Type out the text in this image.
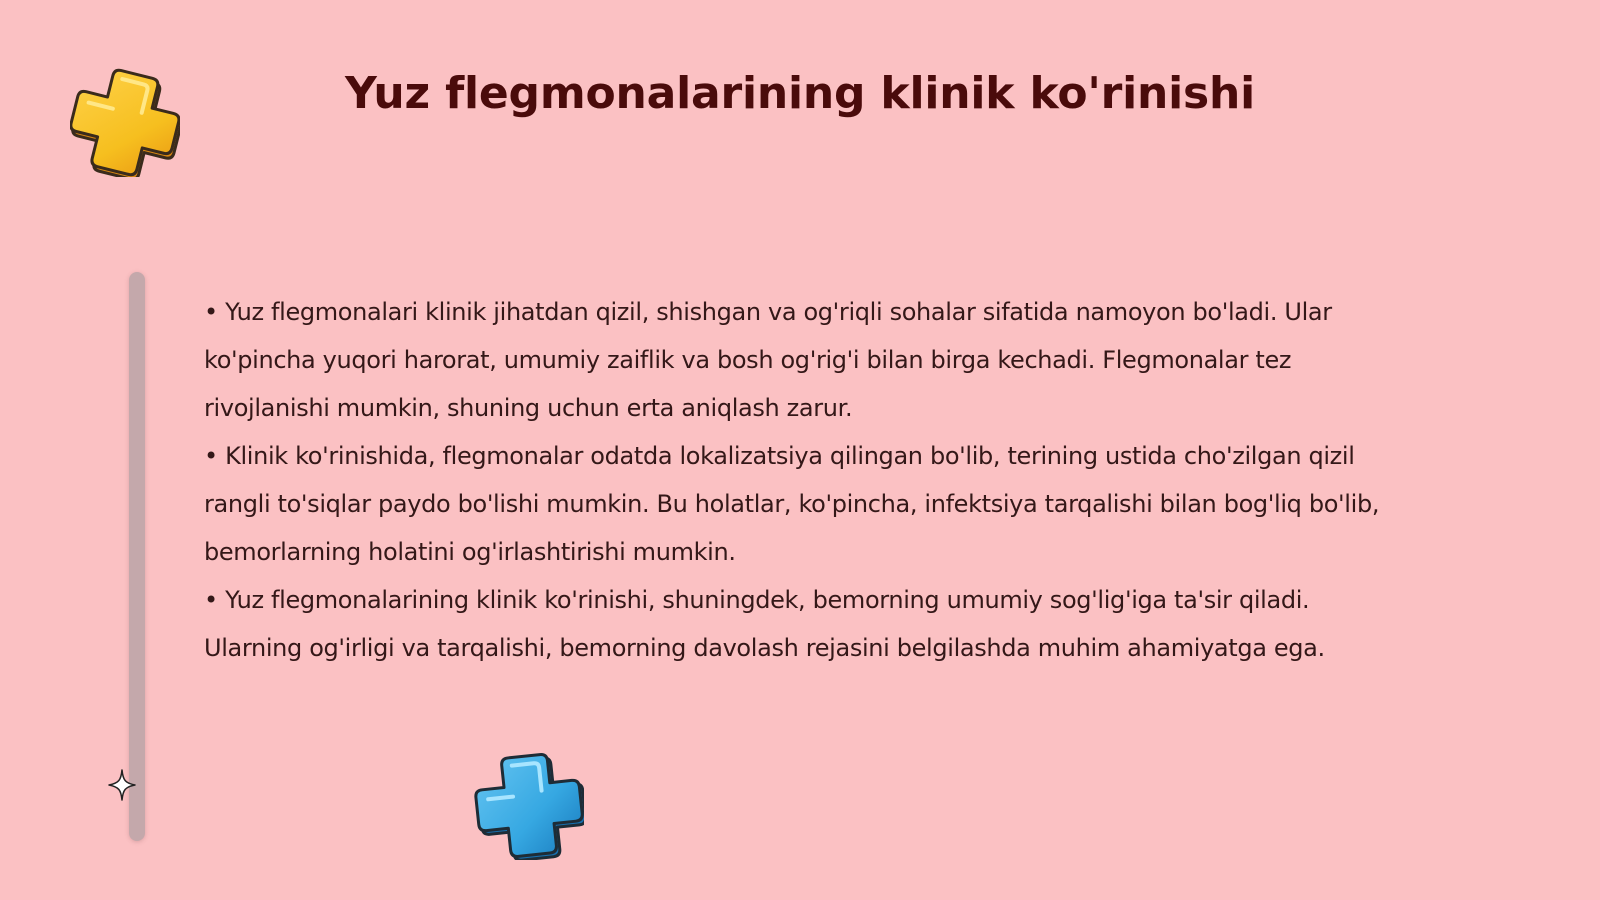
Yuz flegmonalarining klinik ko'rinishi

• Yuz flegmonalari klinik jihatdan qizil, shishgan va og'riqli sohalar sifatida namoyon bo'ladi. Ular ko'pincha yuqori harorat, umumiy zaiflik va bosh og'rig'i bilan birga kechadi. Flegmonalar tez rivojlanishi mumkin, shuning uchun erta aniqlash zarur.

• Klinik ko'rinishida, flegmonalar odatda lokalizatsiya qilingan bo'lib, terining ustida cho'zilgan qizil rangli to'siqlar paydo bo'lishi mumkin. Bu holatlar, ko'pincha, infektsiya tarqalishi bilan bog'liq bo'lib, bemorlarning holatini og'irlashtirishi mumkin.

• Yuz flegmonalarining klinik ko'rinishi, shuningdek, bemorning umumiy sog'lig'iga ta'sir qiladi. Ularning og'irligi va tarqalishi, bemorning davolash rejasini belgilashda muhim ahamiyatga ega.
